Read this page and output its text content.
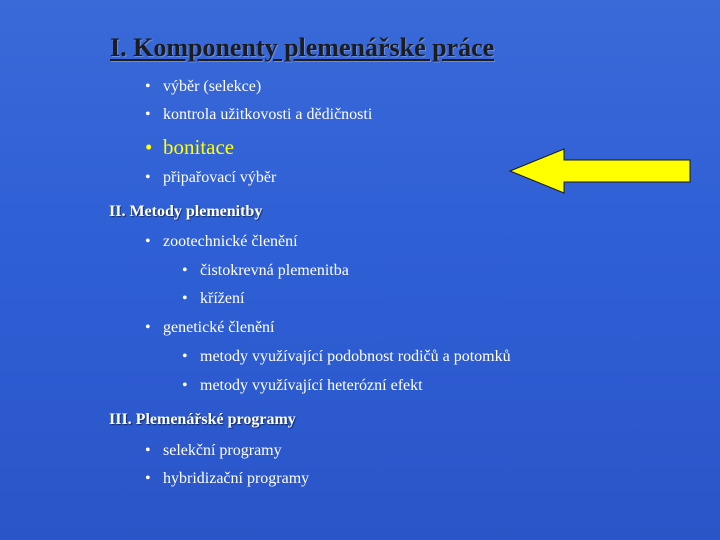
I. Komponenty plemenářské práce
• výběr (selekce)
• kontrola užitkovosti a dědičnosti
• bonitace
• připařovací výběr
II. Metody plemenitby
• zootechnické členění
• čistokrevná plemenitba
• křížení
• genetické členění
• metody využívající podobnost rodičů a potomků
• metody využívající heterózní efekt
III. Plemenářské programy
• selekční programy
• hybridizační programy
